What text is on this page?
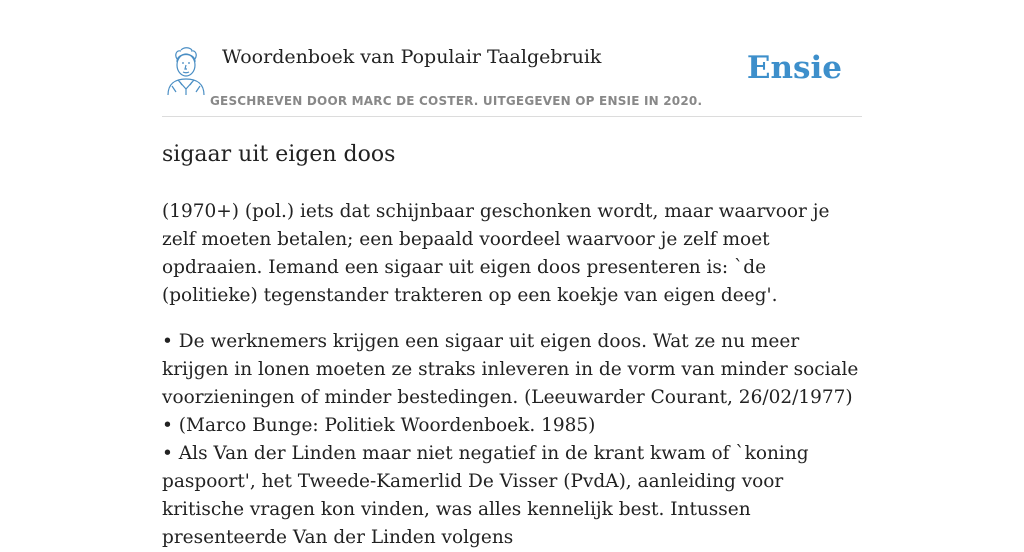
Woordenboek van Populair Taalgebruik
GESCHREVEN DOOR MARC DE COSTER. UITGEGEVEN OP ENSIE IN 2020.
Ensie
sigaar uit eigen doos

(1970+) (pol.) iets dat schijnbaar geschonken wordt, maar waarvoor je zelf moeten betalen; een bepaald voordeel waarvoor je zelf moet opdraaien. Iemand een sigaar uit eigen doos presenteren is: `de (politieke) tegenstander trakteren op een koekje van eigen deeg'.

• De werknemers krijgen een sigaar uit eigen doos. Wat ze nu meer krijgen in lonen moeten ze straks inleveren in de vorm van minder sociale voorzieningen of minder bestedingen. (Leeuwarder Courant, 26/02/1977)

• (Marco Bunge: Politiek Woordenboek. 1985)

• Als Van der Linden maar niet negatief in de krant kwam of `koning paspoort', het Tweede-Kamerlid De Visser (PvdA), aanleiding voor kritische vragen kon vinden, was alles kennelijk best. Intussen presenteerde Van der Linden volgens
